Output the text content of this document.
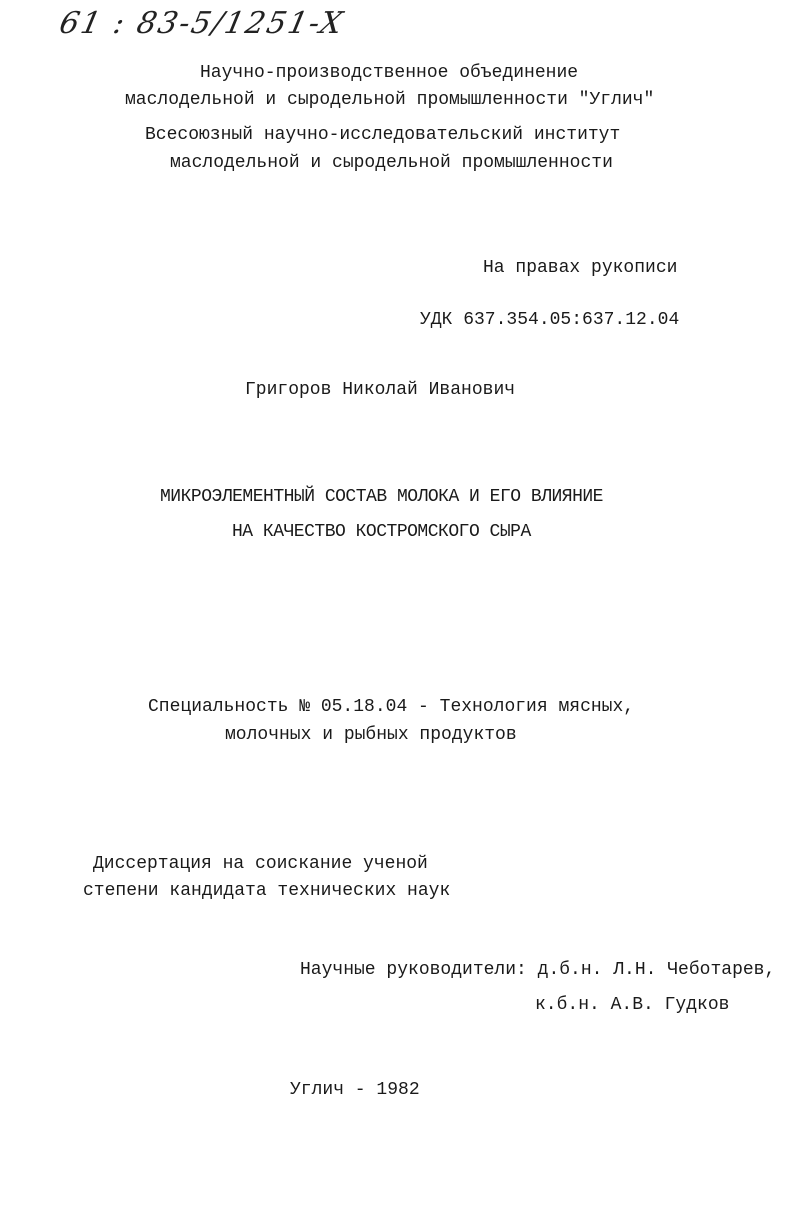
61 : 83-5/1251-X
Научно-производственное объединение
маслодельной и сыродельной промышленности "Углич"
Всесоюзный научно-исследовательский институт
маслодельной и сыродельной промышленности
На правах рукописи
УДК 637.354.05:637.12.04
Григоров Николай Иванович
МИКРОЭЛЕМЕНТНЫЙ СОСТАВ МОЛОКА И ЕГО ВЛИЯНИЕ
НА КАЧЕСТВО КОСТРОМСКОГО СЫРА
Специальность № 05.18.04 - Технология мясных,
молочных и рыбных продуктов
Диссертация на соискание ученой
степени кандидата технических наук
Научные руководители: д.б.н. Л.Н. Чеботарев,
к.б.н. А.В. Гудков
Углич - 1982
